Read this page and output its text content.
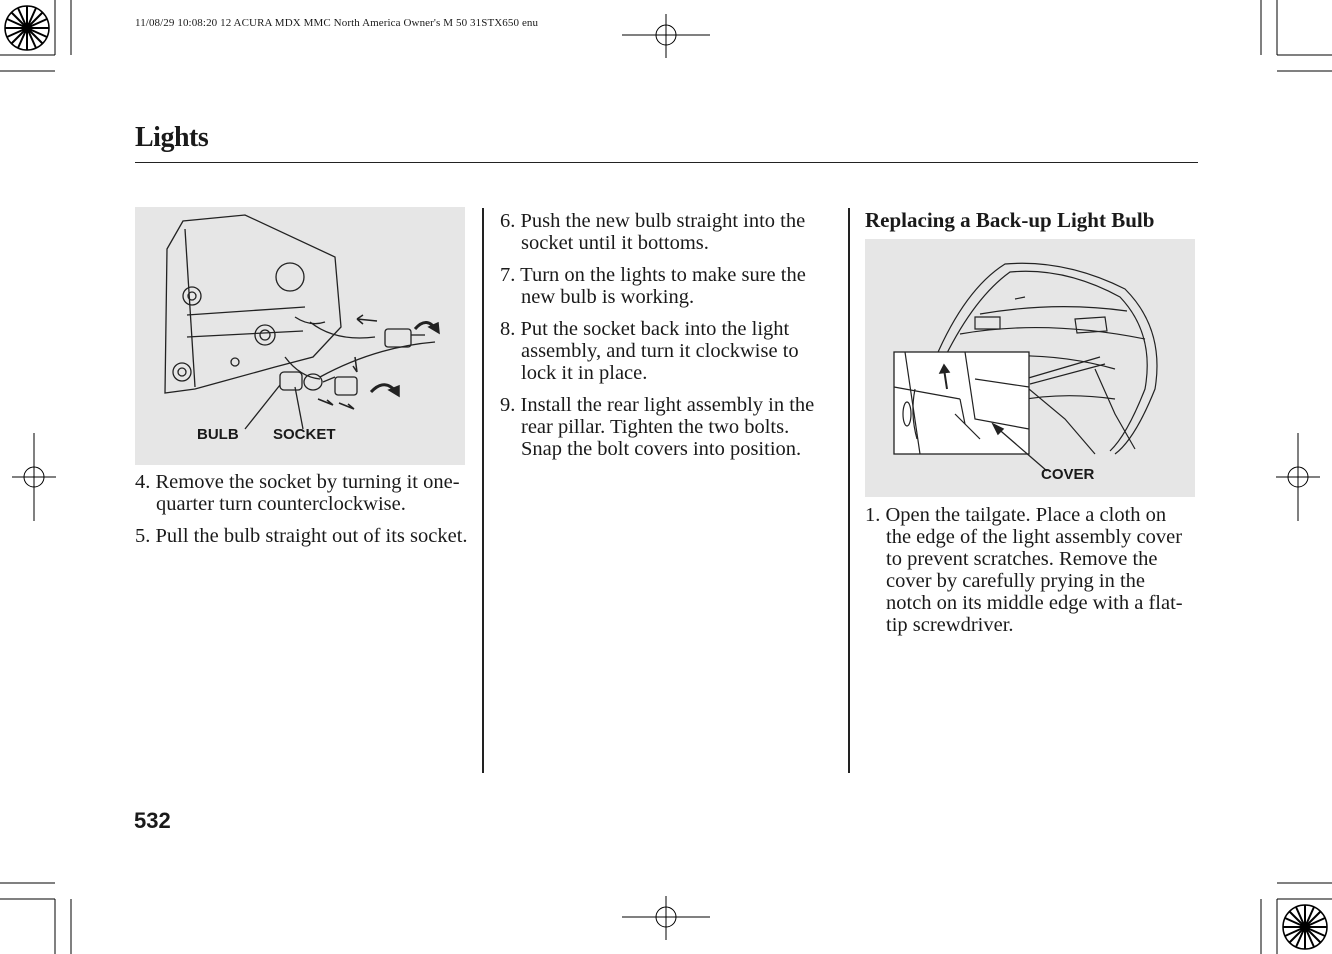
11/08/29 10:08:20 12 ACURA MDX MMC North America Owner's M 50 31STX650 enu
Lights
BULB SOCKET
4. Remove the socket by turning it one-quarter turn counterclockwise.
5. Pull the bulb straight out of its socket.
6. Push the new bulb straight into the socket until it bottoms.
7. Turn on the lights to make sure the new bulb is working.
8. Put the socket back into the light assembly, and turn it clockwise to lock it in place.
9. Install the rear light assembly in the rear pillar. Tighten the two bolts. Snap the bolt covers into position.
Replacing a Back-up Light Bulb
COVER
1. Open the tailgate. Place a cloth on the edge of the light assembly cover to prevent scratches. Remove the cover by carefully prying in the notch on its middle edge with a flat-tip screwdriver.
532
